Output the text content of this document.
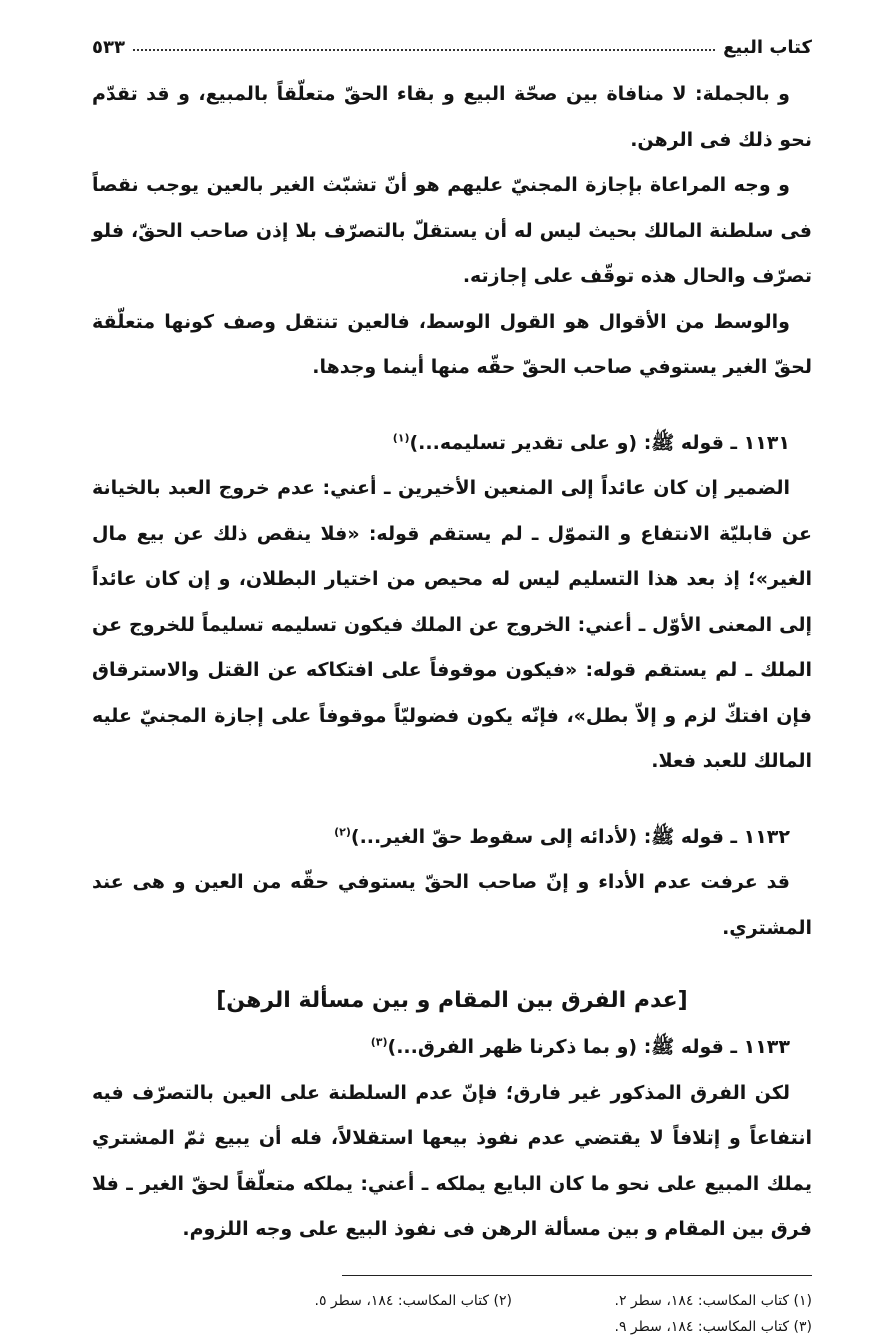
كتاب البيع
٥٣٣

و بالجملة: لا منافاة بين صحّة البيع و بقاء الحقّ متعلّقاً بالمبيع، و قد تقدّم نحو ذلك فى الرهن.

و وجه المراعاة بإجازة المجنيّ عليهم هو أنّ تشبّث الغير بالعين يوجب نقصاً فى سلطنة المالك بحيث ليس له أن يستقلّ بالتصرّف بلا إذن صاحب الحقّ، فلو تصرّف والحال هذه توقّف على إجازته.

والوسط من الأقوال هو القول الوسط، فالعين تنتقل وصف كونها متعلّقة لحقّ الغير يستوفي صاحب الحقّ حقّه منها أينما وجدها.

١١٣١ ـ قوله ﷺ: (و على تقدير تسليمه...)$^{(١)}$

الضمير إن كان عائداً إلى المنعين الأخيرين ـ أعني: عدم خروج العبد بالخيانة عن قابليّة الانتفاع و التموّل ـ لم يستقم قوله: «فلا ينقص ذلك عن بيع مال الغير»؛ إذ بعد هذا التسليم ليس له محيص من اختيار البطلان، و إن كان عائداً إلى المعنى الأوّل ـ أعني: الخروج عن الملك فيكون تسليمه تسليماً للخروج عن الملك ـ لم يستقم قوله: «فيكون موقوفاً على افتكاكه عن القتل والاسترقاق فإن افتكّ لزم و إلاّ بطل»، فإنّه يكون فضوليّاً موقوفاً على إجازة المجنيّ عليه المالك للعبد فعلا.

١١٣٢ ـ قوله ﷺ: (لأدائه إلى سقوط حقّ الغير...)$^{(٢)}$

قد عرفت عدم الأداء و إنّ صاحب الحقّ يستوفي حقّه من العين و هى عند المشتري.

[عدم الفرق بين المقام و بين مسألة الرهن]

١١٣٣ ـ قوله ﷺ: (و بما ذكرنا ظهر الفرق...)$^{(٣)}$

لكن الفرق المذكور غير فارق؛ فإنّ عدم السلطنة على العين بالتصرّف فيه انتفاعاً و إتلافاً لا يقتضي عدم نفوذ بيعها استقلالاً، فله أن يبيع ثمّ المشتري يملك المبيع على نحو ما كان البايع يملكه ـ أعني: يملكه متعلّقاً لحقّ الغير ـ فلا فرق بين المقام و بين مسألة الرهن فى نفوذ البيع على وجه اللزوم.

(١) كتاب المكاسب: ١٨٤، سطر ٢.
(٢) كتاب المكاسب: ١٨٤، سطر ٥.
(٣) كتاب المكاسب: ١٨٤، سطر ٩.
